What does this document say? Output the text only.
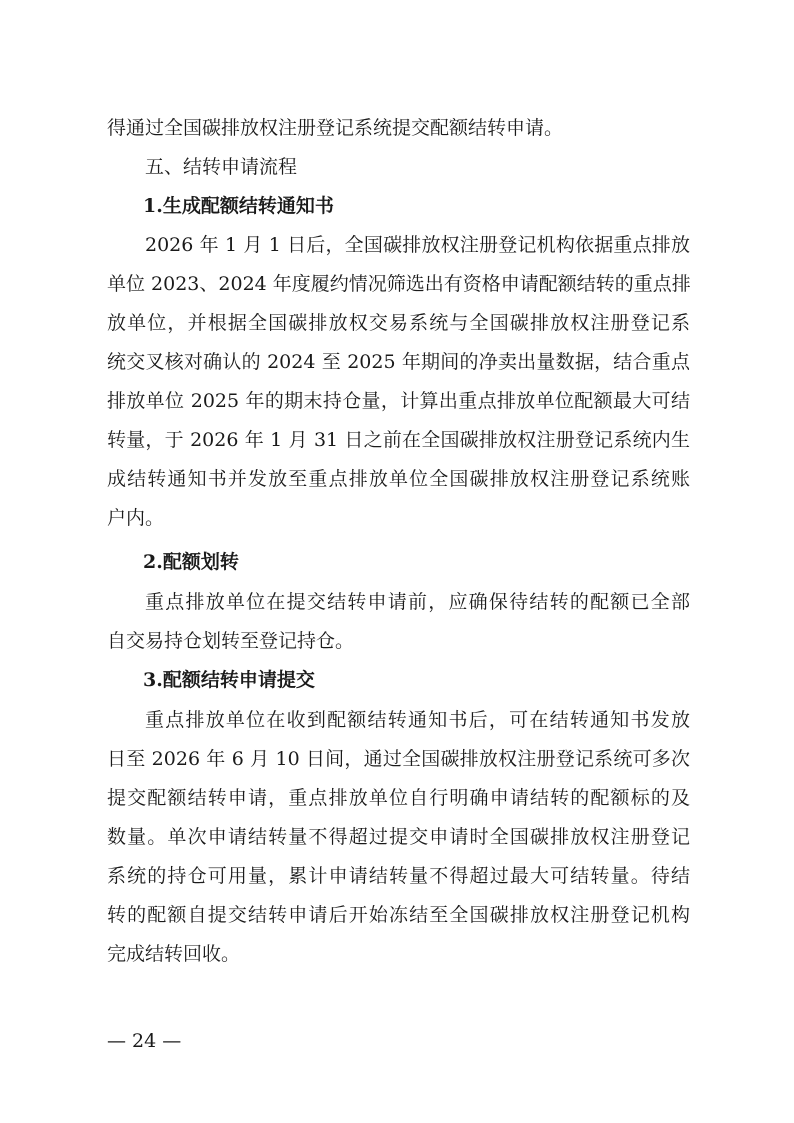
得通过全国碳排放权注册登记系统提交配额结转申请。
五、结转申请流程
1.生成配额结转通知书
2026 年 1 月 1 日后，全国碳排放权注册登记机构依据重点排放
单位 2023、2024 年度履约情况筛选出有资格申请配额结转的重点排
放单位，并根据全国碳排放权交易系统与全国碳排放权注册登记系
统交叉核对确认的 2024 至 2025 年期间的净卖出量数据，结合重点
排放单位 2025 年的期末持仓量，计算出重点排放单位配额最大可结
转量，于 2026 年 1 月 31 日之前在全国碳排放权注册登记系统内生
成结转通知书并发放至重点排放单位全国碳排放权注册登记系统账
户内。
2.配额划转
重点排放单位在提交结转申请前，应确保待结转的配额已全部
自交易持仓划转至登记持仓。
3.配额结转申请提交
重点排放单位在收到配额结转通知书后，可在结转通知书发放
日至 2026 年 6 月 10 日间，通过全国碳排放权注册登记系统可多次
提交配额结转申请，重点排放单位自行明确申请结转的配额标的及
数量。单次申请结转量不得超过提交申请时全国碳排放权注册登记
系统的持仓可用量，累计申请结转量不得超过最大可结转量。待结
转的配额自提交结转申请后开始冻结至全国碳排放权注册登记机构
完成结转回收。
— 24 —
